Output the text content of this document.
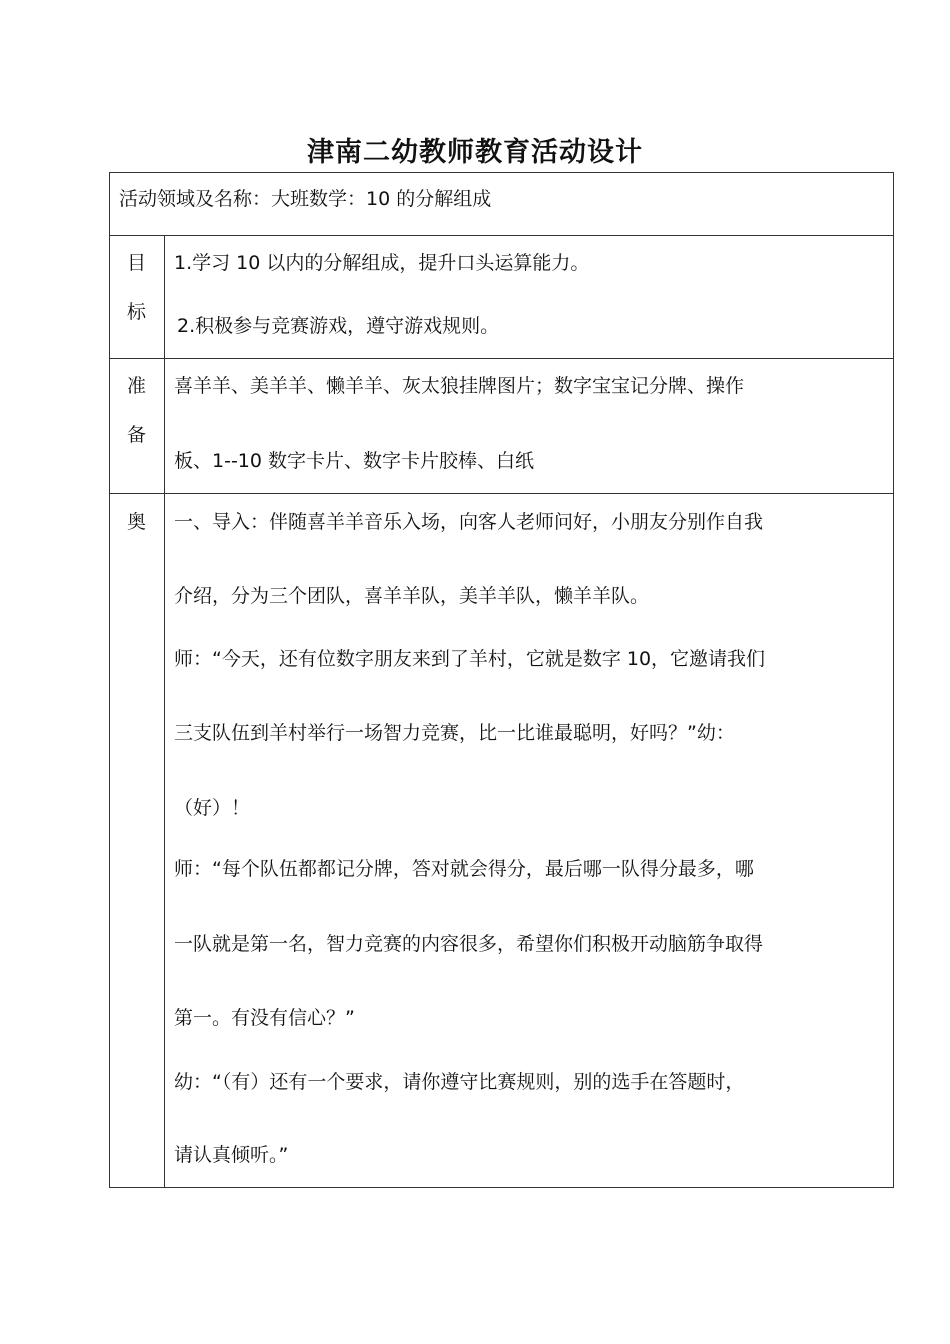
津南二幼教师教育活动设计
活动领域及名称：大班数学：10 的分解组成
目
标
1.学习 10 以内的分解组成，提升口头运算能力。
2.积极参与竞赛游戏，遵守游戏规则。
准
备
喜羊羊、美羊羊、懒羊羊、灰太狼挂牌图片；数字宝宝记分牌、操作
板、1--10 数字卡片、数字卡片胶棒、白纸
奥 一、导入：伴随喜羊羊音乐入场，向客人老师问好，小朋友分别作自我
介绍，分为三个团队，喜羊羊队，美羊羊队，懒羊羊队。
师：“今天，还有位数字朋友来到了羊村，它就是数字 10，它邀请我们
三支队伍到羊村举行一场智力竞赛，比一比谁最聪明，好吗？”幼：
（好）！
师：“每个队伍都都记分牌，答对就会得分，最后哪一队得分最多，哪
一队就是第一名，智力竞赛的内容很多，希望你们积极开动脑筋争取得
第一。有没有信心？”
幼：“（有）还有一个要求，请你遵守比赛规则，别的选手在答题时，
请认真倾听。”
